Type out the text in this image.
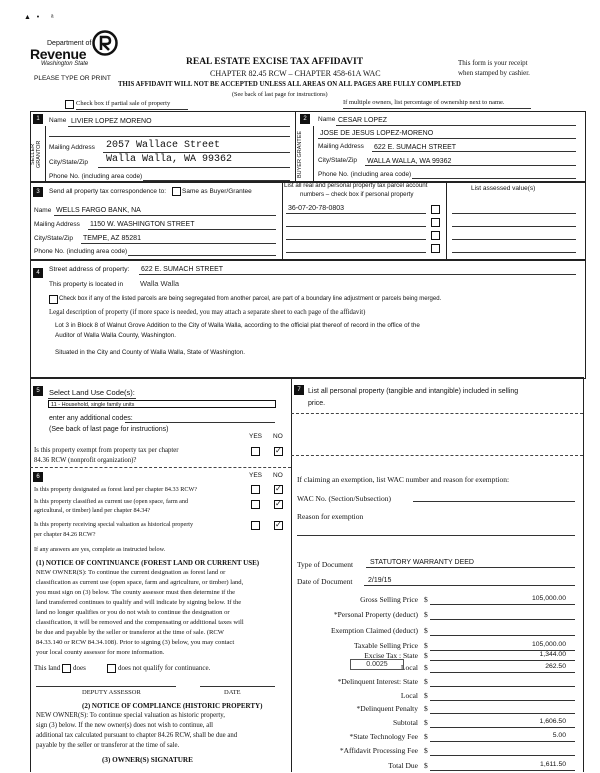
▲   •      ᵃ
Department of
Revenue
Washington State
PLEASE TYPE OR PRINT
REAL ESTATE EXCISE TAX AFFIDAVIT
CHAPTER 82.45 RCW – CHAPTER 458-61A WAC
This form is your receipt
when stamped by cashier.
THIS AFFIDAVIT WILL NOT BE ACCEPTED UNLESS ALL AREAS ON ALL PAGES ARE FULLY COMPLETED
(See back of last page for instructions)
Check box if partial sale of property	If multiple owners, list percentage of ownership next to name.
1
SELLER GRANTOR
Name LIVIER LOPEZ MORENO
Mailing Address 2057 Wallace Street
City/State/Zip Walla Walla, WA 99362
Phone No. (including area code)
2
BUYER GRANTEE
Name CESAR LOPEZ
JOSE DE JESUS LOPEZ-MORENO
Mailing Address 622 E. SUMACH STREET
City/State/Zip WALLA WALLA, WA 99362
Phone No. (including area code)
3	Send all property tax correspondence to: Same as Buyer/Grantee
Name WELLS FARGO BANK, NA
Mailing Address 1150 W. WASHINGTON STREET
City/State/Zip TEMPE, AZ 85281
Phone No. (including area code)
List all real and personal property tax parcel account
numbers – check box if personal property
List assessed value(s)
36-07-20-78-0803
4	Street address of property: 622 E. SUMACH STREET
This property is located in Walla Walla
Check box if any of the listed parcels are being segregated from another parcel, are part of a boundary line adjustment or parcels being merged.
Legal description of property (if more space is needed, you may attach a separate sheet to each page of the affidavit)
Lot 3 in Block 8 of Walnut Grove Addition to the City of Walla Walla, according to the official plat thereof of record in the office of the
Auditor of Walla Walla County, Washington.
Situated in the City and County of Walla Walla, State of Washington.
5	Select Land Use Code(s):
11 - Household, single family units
enter any additional codes:
(See back of last page for instructions)
YES NO
Is this property exempt from property tax per chapter
84.36 RCW (nonprofit organization)?
✓
6	YES NO
Is this property designated as forest land per chapter 84.33 RCW?
✓
Is this property classified as current use (open space, farm and
agricultural, or timber) land per chapter 84.34?
✓
Is this property receiving special valuation as historical property
per chapter 84.26 RCW?
✓
If any answers are yes, complete as instructed below.
(1) NOTICE OF CONTINUANCE (FOREST LAND OR CURRENT USE)
NEW OWNER(S): To continue the current designation as forest land or
classification as current use (open space, farm and agriculture, or timber) land,
you must sign on (3) below. The county assessor must then determine if the
land transferred continues to qualify and will indicate by signing below. If the
land no longer qualifies or you do not wish to continue the designation or
classification, it will be removed and the compensating or additional taxes will
be due and payable by the seller or transferor at the time of sale. (RCW
84.33.140 or RCW 84.34.108). Prior to signing (3) below, you may contact
your local county assessor for more information.
This land does	does not qualify for continuance.
DEPUTY ASSESSOR	DATE
(2) NOTICE OF COMPLIANCE (HISTORIC PROPERTY)
NEW OWNER(S): To continue special valuation as historic property,
sign (3) below. If the new owner(s) does not wish to continue, all
additional tax calculated pursuant to chapter 84.26 RCW, shall be due and
payable by the seller or transferor at the time of sale.
(3) OWNER(S) SIGNATURE
7	List all personal property (tangible and intangible) included in selling
price.
If claiming an exemption, list WAC number and reason for exemption:
WAC No. (Section/Subsection)
Reason for exemption
Type of Document STATUTORY WARRANTY DEED
Date of Document 2/19/15
Gross Selling Price $	105,000.00
*Personal Property (deduct) $
Exemption Claimed (deduct) $
Taxable Selling Price $	105,000.00
Excise Tax : State $	1,344.00
Local $	262.50
*Delinquent Interest: State $
Local $
*Delinquent Penalty $
Subtotal $	1,606.50
*State Technology Fee $	5.00
*Affidavit Processing Fee $
Total Due $	1,611.50
0.0025
